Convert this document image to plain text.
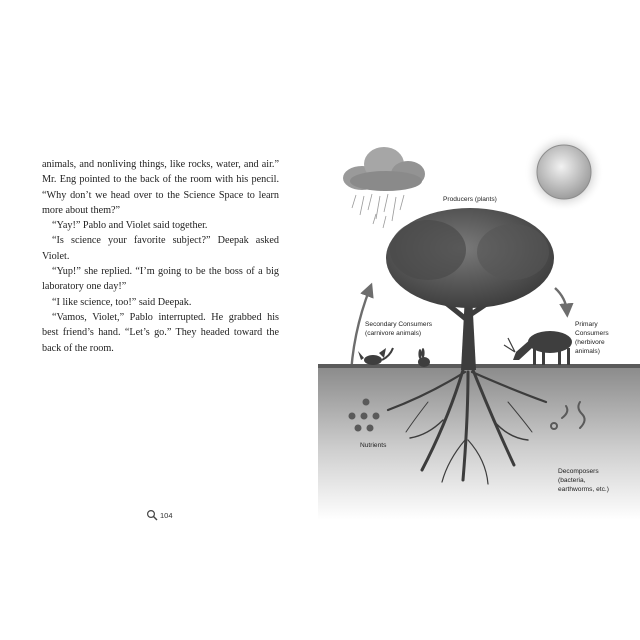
animals, and nonliving things, like rocks, water, and air.” Mr. Eng pointed to the back of the room with his pencil. “Why don’t we head over to the Science Space to learn more about them?”

“Yay!” Pablo and Violet said together.

“Is science your favorite subject?” Deepak asked Violet.

“Yup!” she replied. “I’m going to be the boss of a big laboratory one day!”

“I like science, too!” said Deepak.

“Vamos, Violet,” Pablo interrupted. He grabbed his best friend’s hand. “Let’s go.” They headed toward the back of the room.

104
Producers (plants)
Secondary Consumers
(carnivore animals)
Primary
Consumers
(herbivore
animals)
Nutrients
Decomposers
(bacteria,
earthworms, etc.)
